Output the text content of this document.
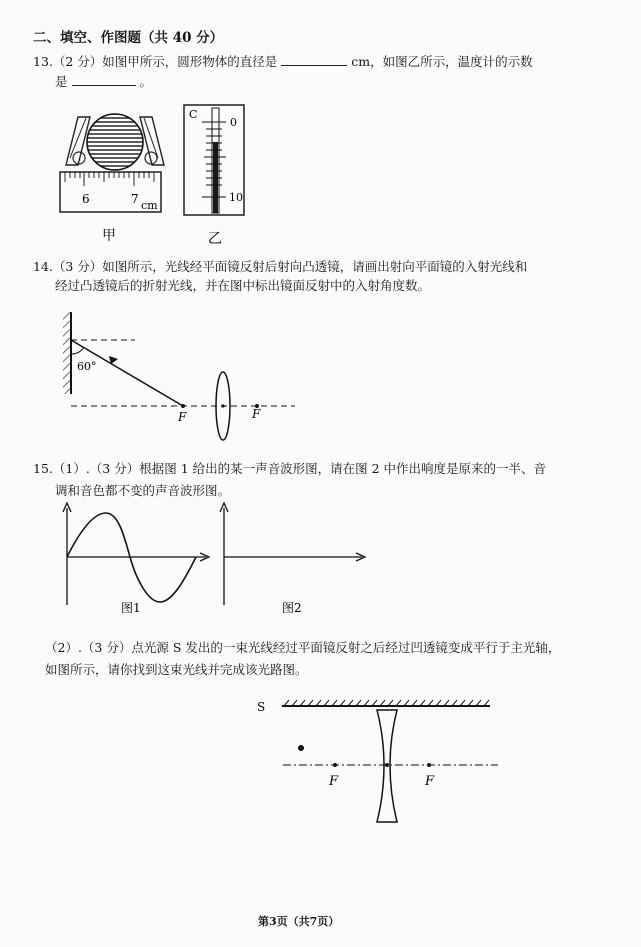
二、填空、作图题（共 40 分）
13.（2 分）如图甲所示，圆形物体的直径是	cm，如图乙所示，温度计的示数
是	。
14.（3 分）如图所示，光线经平面镜反射后射向凸透镜，请画出射向平面镜的入射光线和
经过凸透镜后的折射光线，并在图中标出镜面反射中的入射角度数。
15.（1）.（3 分）根据图 1 给出的某一声音波形图，请在图 2 中作出响度是原来的一半、音
调和音色都不变的声音波形图。
（2）.（3 分）点光源 S 发出的一束光线经过平面镜反射之后经过凹透镜变成平行于主光轴，
如图所示，请你找到这束光线并完成该光路图。
第3页（共7页）
6	7 cm
甲
C
0
10
乙
60°
F	F
图1	图2
S
F	F
